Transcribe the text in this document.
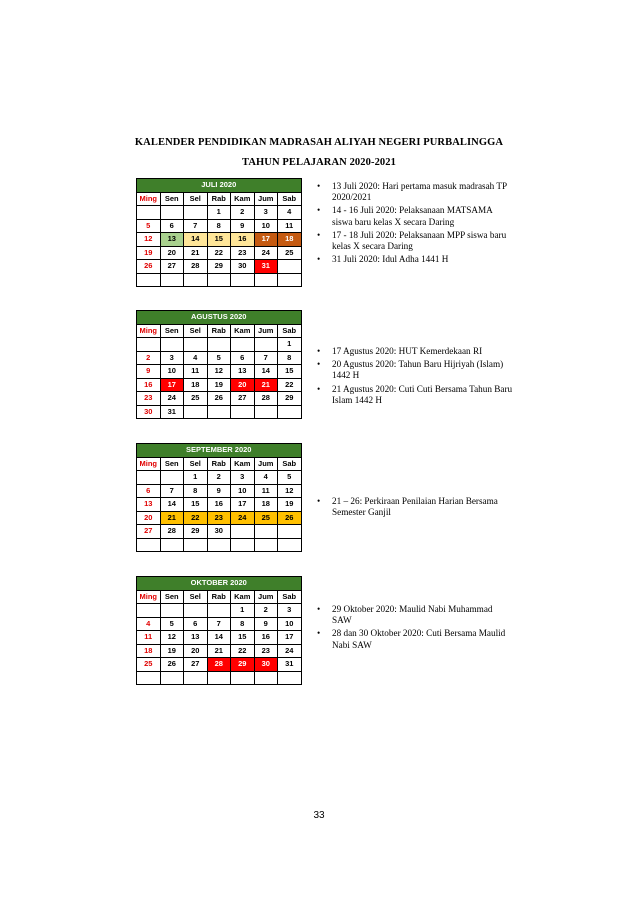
KALENDER PENDIDIKAN MADRASAH ALIYAH NEGERI PURBALINGGA
TAHUN PELAJARAN 2020-2021
JULI 2020						
Ming	Sen	Sel	Rab	Kam	Jum	Sab
			1	2	3	4
5	6	7	8	9	10	11
12	13	14	15	16	17	18
19	20	21	22	23	24	25
26	27	28	29	30	31	

• 13 Juli 2020: Hari pertama masuk madrasah TP 2020/2021
• 14 - 16 Juli 2020: Pelaksanaan MATSAMA siswa baru kelas X secara Daring
• 17 - 18 Juli 2020: Pelaksanaan MPP siswa baru kelas X secara Daring
• 31 Juli 2020: Idul Adha 1441 H
AGUSTUS 2020						
Ming	Sen	Sel	Rab	Kam	Jum	Sab
						1
2	3	4	5	6	7	8
9	10	11	12	13	14	15
16	17	18	19	20	21	22
23	24	25	26	27	28	29
30	31					
• 17 Agustus 2020: HUT Kemerdekaan RI
• 20 Agustus 2020: Tahun Baru Hijriyah (Islam) 1442 H
• 21 Agustus 2020: Cuti Cuti Bersama Tahun Baru Islam 1442 H
SEPTEMBER 2020						
Ming	Sen	Sel	Rab	Kam	Jum	Sab
		1	2	3	4	5
6	7	8	9	10	11	12
13	14	15	16	17	18	19
20	21	22	23	24	25	26
27	28	29	30			

• 21 – 26: Perkiraan Penilaian Harian Bersama Semester Ganjil
OKTOBER 2020						
Ming	Sen	Sel	Rab	Kam	Jum	Sab
				1	2	3
4	5	6	7	8	9	10
11	12	13	14	15	16	17
18	19	20	21	22	23	24
25	26	27	28	29	30	31

• 29 Oktober 2020: Maulid Nabi Muhammad SAW
• 28 dan 30 Oktober 2020: Cuti Bersama Maulid Nabi SAW
33
